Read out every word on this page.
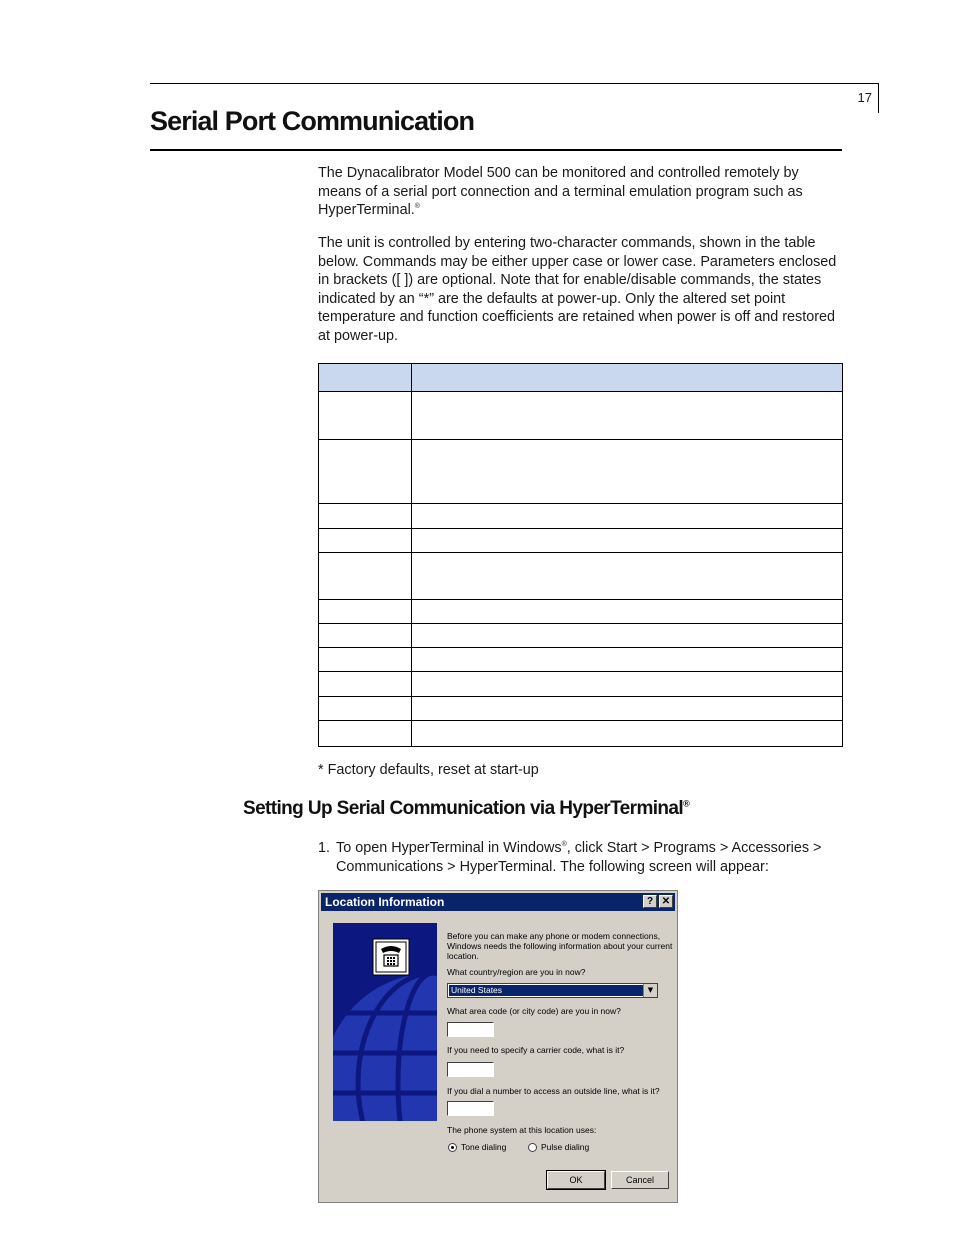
17
Serial Port Communication
The Dynacalibrator Model 500 can be monitored and controlled remotely by means of a serial port connection and a terminal emulation program such as HyperTerminal.®
The unit is controlled by entering two-character commands, shown in the table below. Commands may be either upper case or lower case. Parameters enclosed in brackets ([ ]) are optional. Note that for enable/disable commands, the states indicated by an “*” are the defaults at power-up. Only the altered set point temperature and function coefficients are retained when power is off and restored at power-up.
* Factory defaults, reset at start-up
Setting Up Serial Communication via HyperTerminal®
1. To open HyperTerminal in Windows®, click Start > Programs > Accessories > Communications > HyperTerminal. The following screen will appear:
Location Information	? ✕
Before you can make any phone or modem connections, Windows needs the following information about your current location.
What country/region are you in now?
United States	▼
What area code (or city code) are you in now?
If you need to specify a carrier code, what is it?
If you dial a number to access an outside line, what is it?
The phone system at this location uses:
Tone dialing	Pulse dialing
OK	Cancel
